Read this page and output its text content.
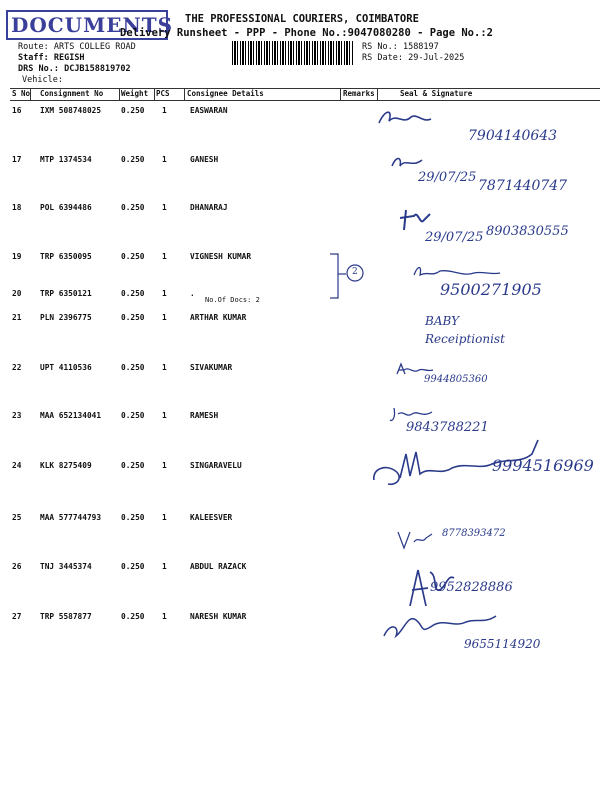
DOCUMENTS THE PROFESSIONAL COURIERS, COIMBATORE
Delivery Runsheet - PPP - Phone No.:9047080280 - Page No.:2
Route: ARTS COLLEG ROAD
Staff: REGISH
DRS No.: DCJB158819702
Vehicle:
RS No.: 1588197
RS Date: 29-Jul-2025
S No Consignment No Weight PCS Consignee Details	Remarks	Seal & Signature
16 IXM 508748025	0.250 1	EASWARAN
17 MTP 1374534	0.250 1	GANESH
18 POL 6394486	0.250 1	DHANARAJ
19 TRP 6350095	0.250 1	VIGNESH KUMAR
20 TRP 6350121	0.250 1	.
21 PLN 2396775	0.250 1	ARTHAR KUMAR
22 UPT 4110536	0.250 1	SIVAKUMAR
23 MAA 652134041	0.250 1	RAMESH
24 KLK 8275409	0.250 1	SINGARAVELU
25 MAA 577744793	0.250 1	KALEESVER
26 TNJ 3445374	0.250 1	ABDUL RAZACK
27 TRP 5587877	0.250 1	NARESH KUMAR
No.Of Docs: 2
2
7904140643
29/07/25
7871440747
29/07/25 8903830555
9500271905
BABY
Receiptionist
9944805360
9843788221
9994516969
8778393472
9952828886
9655114920
